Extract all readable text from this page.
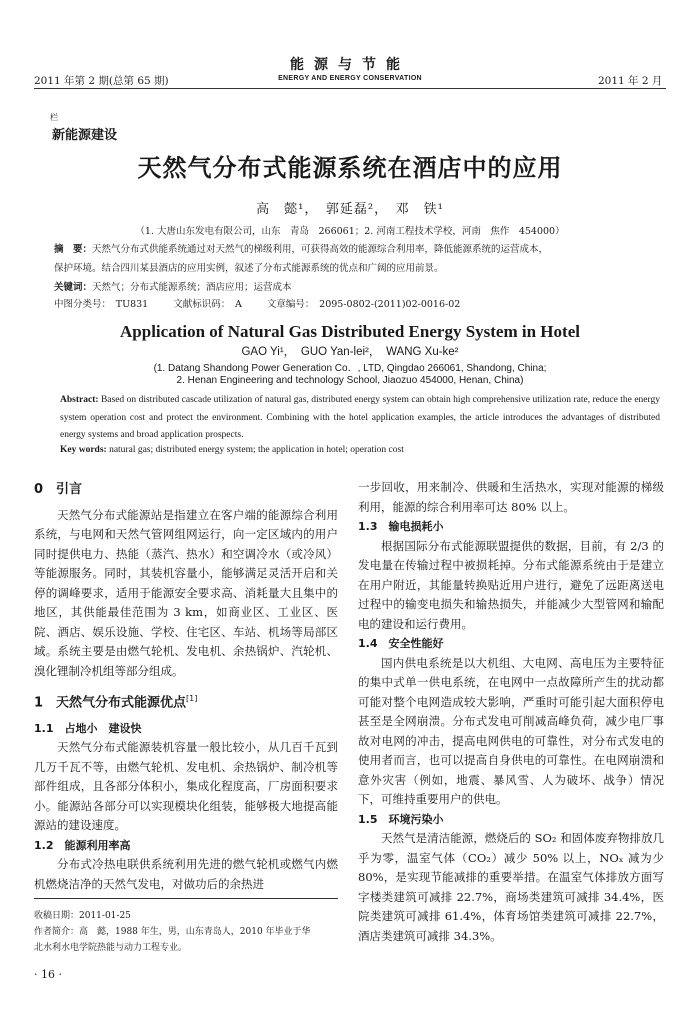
2011 年第 2 期(总第 65 期)
能源与节能
ENERGY AND ENERGY CONSERVATION	2011 年 2 月
栏
新能源建设
天然气分布式能源系统在酒店中的应用
高　懿¹，　郭延磊²，　邓　铁¹
（1. 大唐山东发电有限公司，山东　青岛　266061；2. 河南工程技术学校，河南　焦作　454000）
摘　要：天然气分布式供能系统通过对天然气的梯级利用，可获得高效的能源综合利用率，降低能源系统的运营成本，
保护环境。结合四川某县酒店的应用实例，叙述了分布式能源系统的优点和广阔的应用前景。
关键词：天然气；分布式能源系统；酒店应用；运营成本
中图分类号：　TU831	文献标识码：　A	文章编号：　2095-0802-(2011)02-0016-02
Application of Natural Gas Distributed Energy System in Hotel
GAO Yi¹，　GUO Yan-lei²，　WANG Xu-ke²
(1. Datang Shandong Power Generation Co．, LTD, Qingdao 266061, Shandong, China;
2. Henan Engineering and technology School, Jiaozuo 454000, Henan, China)
Abstract: Based on distributed cascade utilization of natural gas, distributed energy system can obtain high comprehensive utilization rate, reduce the energy system operation cost and protect the environment. Combining with the hotel application examples, the article introduces the advantages of distributed energy systems and broad application prospects.
Key words: natural gas; distributed energy system; the application in hotel; operation cost
0　引言

天然气分布式能源站是指建立在客户端的能源综合利用系统，与电网和天然气管网组网运行，向一定区域内的用户同时提供电力、热能（蒸汽、热水）和空调冷水（或冷风）等能源服务。同时，其装机容量小，能够满足灵活开启和关停的调峰要求，适用于能源安全要求高、消耗量大且集中的地区，其供能最佳范围为 3 km，如商业区、工业区、医院、酒店、娱乐设施、学校、住宅区、车站、机场等局部区域。系统主要是由燃气轮机、发电机、余热锅炉、汽轮机、溴化锂制冷机组等部分组成。

1　天然气分布式能源优点[1]
1.1　占地小　建设快

天然气分布式能源装机容量一般比较小，从几百千瓦到几万千瓦不等，由燃气轮机、发电机、余热锅炉、制冷机等部件组成，且各部分体积小，集成化程度高，厂房面积要求小。能源站各部分可以实现模块化组装，能够极大地提高能源站的建设速度。

1.2　能源利用率高

分布式冷热电联供系统利用先进的燃气轮机或燃气内燃机燃烧洁净的天然气发电，对做功后的余热进

一步回收，用来制冷、供暖和生活热水，实现对能源的梯级利用，能源的综合利用率可达 80% 以上。

1.3　输电损耗小

根据国际分布式能源联盟提供的数据，目前，有 2/3 的发电量在传输过程中被损耗掉。分布式能源系统由于是建立在用户附近，其能量转换贴近用户进行，避免了远距离送电过程中的输变电损失和输热损失，并能减少大型管网和输配电的建设和运行费用。

1.4　安全性能好

国内供电系统是以大机组、大电网、高电压为主要特征的集中式单一供电系统，在电网中一点故障所产生的扰动都可能对整个电网造成较大影响，严重时可能引起大面积停电甚至是全网崩溃。分布式发电可削减高峰负荷，减少电厂事故对电网的冲击，提高电网供电的可靠性，对分布式发电的使用者而言，也可以提高自身供电的可靠性。在电网崩溃和意外灾害（例如，地震、暴风雪、人为破坏、战争）情况下，可维持重要用户的供电。

1.5　环境污染小

天然气是清洁能源，燃烧后的 SO₂ 和固体废弃物排放几乎为零，温室气体（CO₂）减少 50% 以上，NOₓ 减为少 80%，是实现节能减排的重要举措。在温室气体排放方面写字楼类建筑可减排 22.7%，商场类建筑可减排 34.4%，医院类建筑可减排 61.4%，体育场馆类建筑可减排 22.7%，酒店类建筑可减排 34.3%。

收稿日期：2011-01-25
作者简介：高　懿，1988 年生，男，山东青岛人，2010 年毕业于华
北水利水电学院热能与动力工程专业。
· 16 ·
